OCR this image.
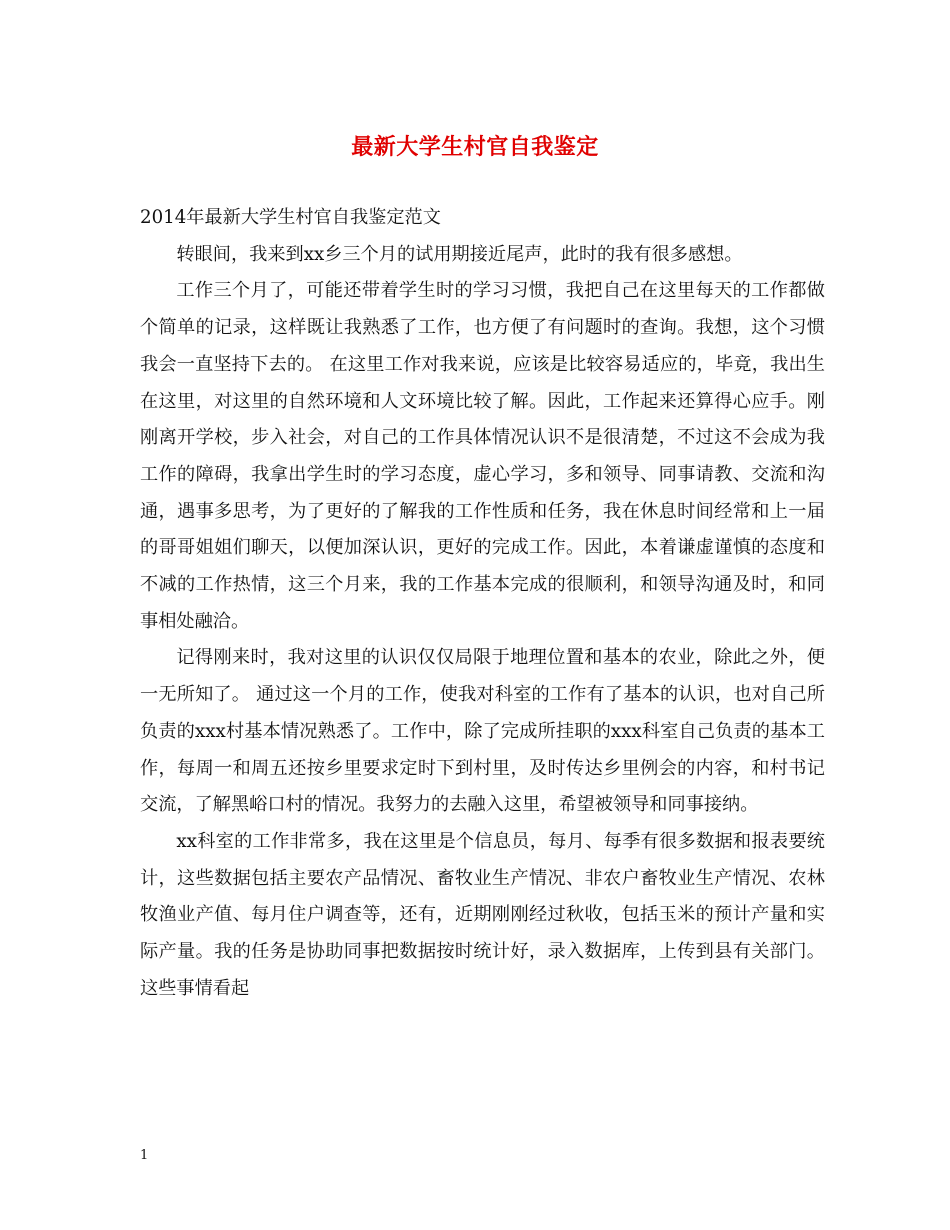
最新大学生村官自我鉴定

2014年最新大学生村官自我鉴定范文

转眼间，我来到xx乡三个月的试用期接近尾声，此时的我有很多感想。

工作三个月了，可能还带着学生时的学习习惯，我把自己在这里每天的工作都做个简单的记录，这样既让我熟悉了工作，也方便了有问题时的查询。我想，这个习惯我会一直坚持下去的。 在这里工作对我来说，应该是比较容易适应的，毕竟，我出生在这里，对这里的自然环境和人文环境比较了解。因此，工作起来还算得心应手。刚刚离开学校，步入社会，对自己的工作具体情况认识不是很清楚，不过这不会成为我工作的障碍，我拿出学生时的学习态度，虚心学习，多和领导、同事请教、交流和沟通，遇事多思考，为了更好的了解我的工作性质和任务，我在休息时间经常和上一届的哥哥姐姐们聊天，以便加深认识，更好的完成工作。因此，本着谦虚谨慎的态度和不减的工作热情，这三个月来，我的工作基本完成的很顺利，和领导沟通及时，和同事相处融洽。

记得刚来时，我对这里的认识仅仅局限于地理位置和基本的农业，除此之外，便一无所知了。 通过这一个月的工作，使我对科室的工作有了基本的认识，也对自己所负责的xxx村基本情况熟悉了。工作中，除了完成所挂职的xxx科室自己负责的基本工作，每周一和周五还按乡里要求定时下到村里，及时传达乡里例会的内容，和村书记交流，了解黑峪口村的情况。我努力的去融入这里，希望被领导和同事接纳。

xx科室的工作非常多，我在这里是个信息员，每月、每季有很多数据和报表要统计，这些数据包括主要农产品情况、畜牧业生产情况、非农户畜牧业生产情况、农林牧渔业产值、每月住户调查等，还有，近期刚刚经过秋收，包括玉米的预计产量和实际产量。我的任务是协助同事把数据按时统计好，录入数据库，上传到县有关部门。这些事情看起

1
